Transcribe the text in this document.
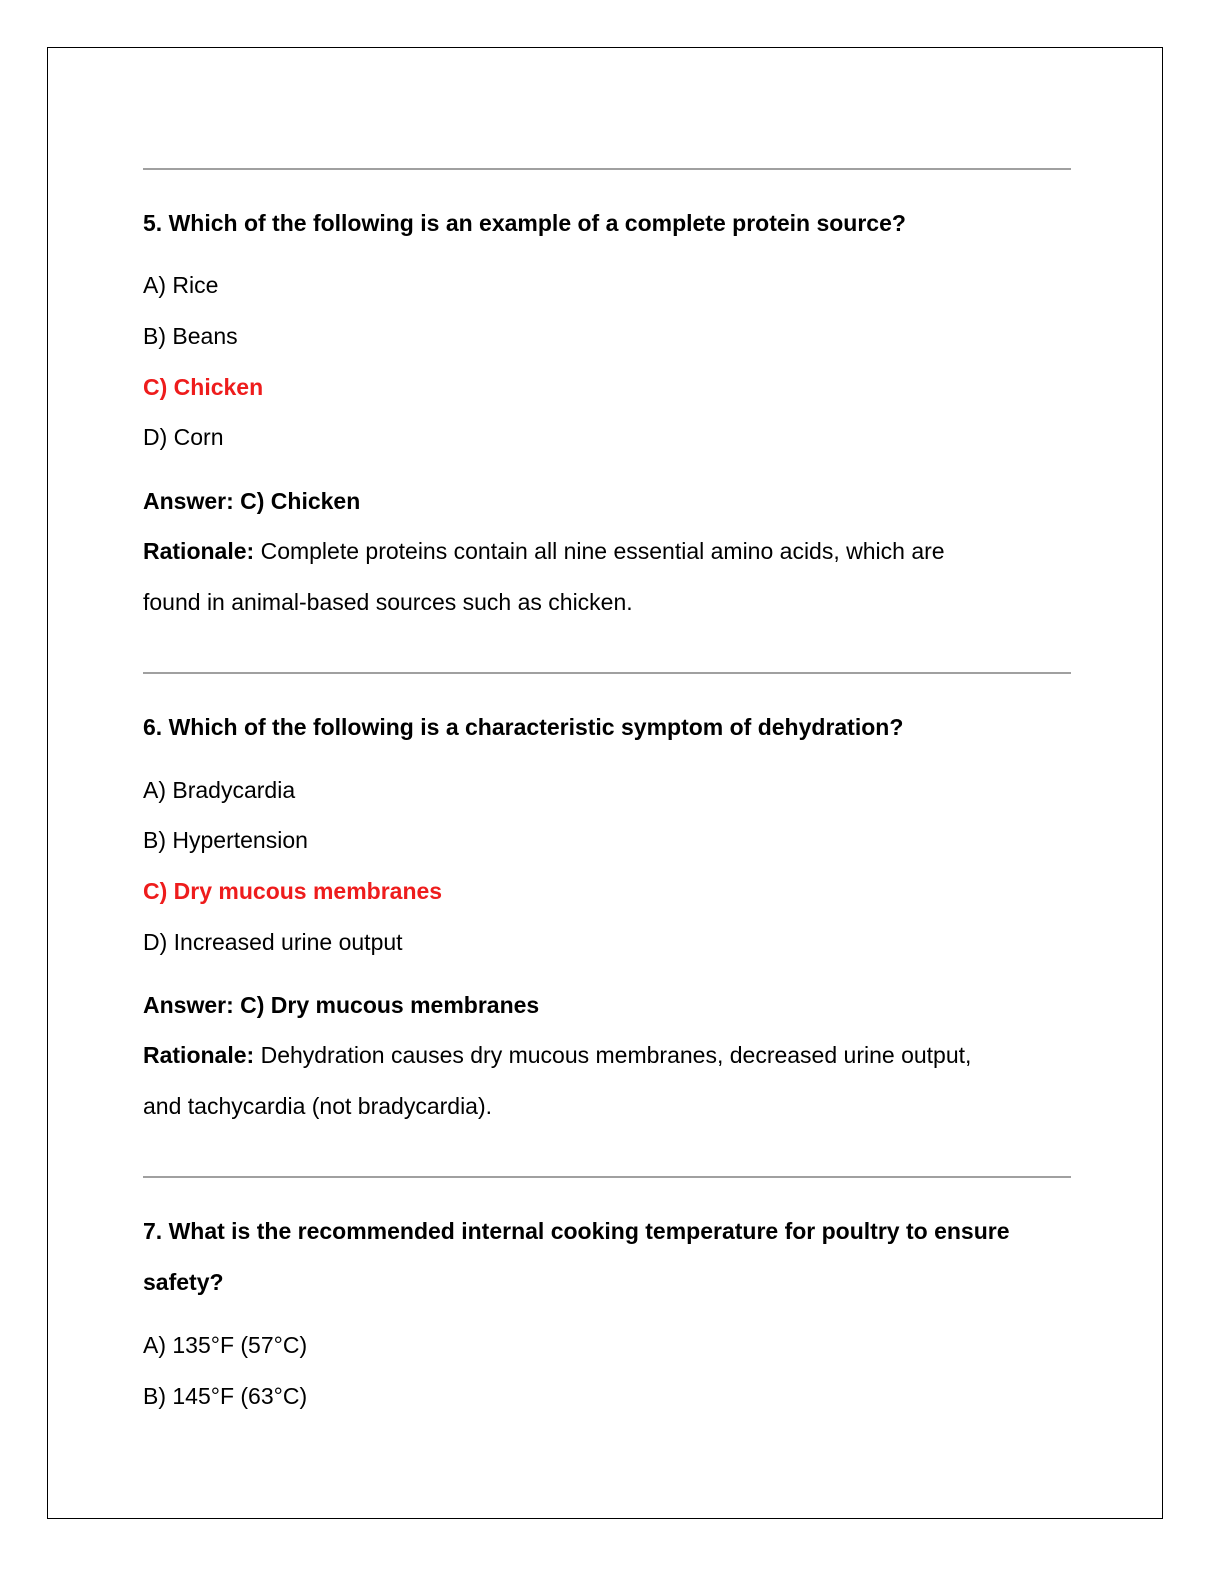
5. Which of the following is an example of a complete protein source?
A) Rice
B) Beans
C) Chicken
D) Corn
Answer: C) Chicken
Rationale: Complete proteins contain all nine essential amino acids, which are
found in animal-based sources such as chicken.
6. Which of the following is a characteristic symptom of dehydration?
A) Bradycardia
B) Hypertension
C) Dry mucous membranes
D) Increased urine output
Answer: C) Dry mucous membranes
Rationale: Dehydration causes dry mucous membranes, decreased urine output,
and tachycardia (not bradycardia).
7. What is the recommended internal cooking temperature for poultry to ensure
safety?
A) 135°F (57°C)
B) 145°F (63°C)
